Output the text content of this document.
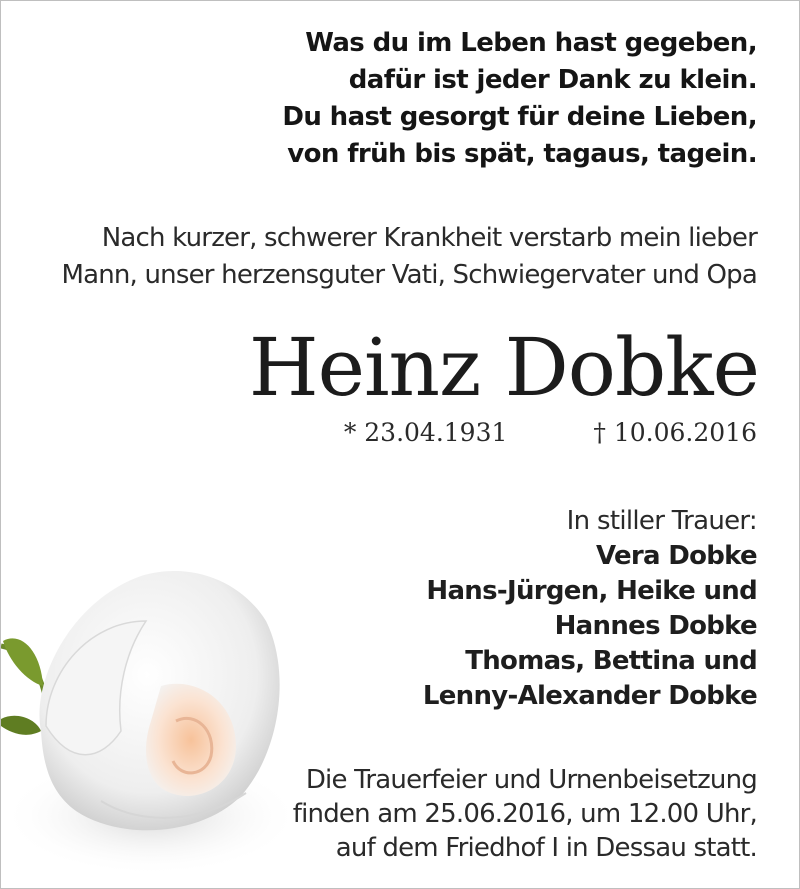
Was du im Leben hast gegeben,
dafür ist jeder Dank zu klein.
Du hast gesorgt für deine Lieben,
von früh bis spät, tagaus, tagein.
Nach kurzer, schwerer Krankheit verstarb mein lieber
Mann, unser herzensguter Vati, Schwiegervater und Opa
Heinz Dobke
* 23.04.1931	† 10.06.2016
In stiller Trauer:
Vera Dobke
Hans-Jürgen, Heike und
Hannes Dobke
Thomas, Bettina und
Lenny-Alexander Dobke
Die Trauerfeier und Urnenbeisetzung
finden am 25.06.2016, um 12.00 Uhr,
auf dem Friedhof I in Dessau statt.
